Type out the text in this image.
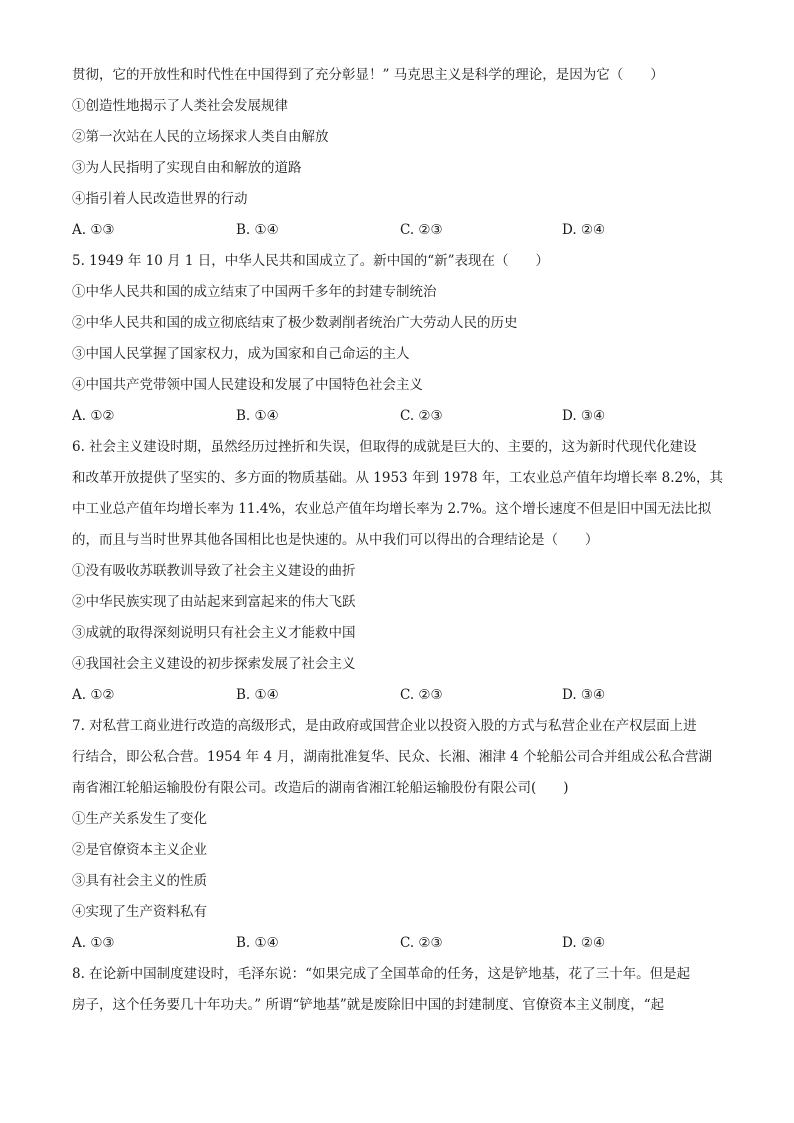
贯彻，它的开放性和时代性在中国得到了充分彰显！” 马克思主义是科学的理论，是因为它（　　）
①创造性地揭示了人类社会发展规律
②第一次站在人民的立场探求人类自由解放
③为人民指明了实现自由和解放的道路
④指引着人民改造世界的行动
A. ①③	B. ①④	C. ②③	D. ②④
5. 1949 年 10 月 1 日，中华人民共和国成立了。新中国的“新”表现在（　　）
①中华人民共和国的成立结束了中国两千多年的封建专制统治
②中华人民共和国的成立彻底结束了极少数剥削者统治广大劳动人民的历史
③中国人民掌握了国家权力，成为国家和自己命运的主人
④中国共产党带领中国人民建设和发展了中国特色社会主义
A. ①②	B. ①④	C. ②③	D. ③④
6. 社会主义建设时期，虽然经历过挫折和失误，但取得的成就是巨大的、主要的，这为新时代现代化建设
和改革开放提供了坚实的、多方面的物质基础。从 1953 年到 1978 年，工农业总产值年均增长率 8.2%，其
中工业总产值年均增长率为 11.4%，农业总产值年均增长率为 2.7%。这个增长速度不但是旧中国无法比拟
的，而且与当时世界其他各国相比也是快速的。从中我们可以得出的合理结论是（　　）
①没有吸收苏联教训导致了社会主义建设的曲折
②中华民族实现了由站起来到富起来的伟大飞跃
③成就的取得深刻说明只有社会主义才能救中国
④我国社会主义建设的初步探索发展了社会主义
A. ①②	B. ①④	C. ②③	D. ③④
7. 对私营工商业进行改造的高级形式，是由政府或国营企业以投资入股的方式与私营企业在产权层面上进
行结合，即公私合营。1954 年 4 月，湖南批准复华、民众、长湘、湘津 4 个轮船公司合并组成公私合营湖
南省湘江轮船运输股份有限公司。改造后的湖南省湘江轮船运输股份有限公司(　　)
①生产关系发生了变化
②是官僚资本主义企业
③具有社会主义的性质
④实现了生产资料私有
A. ①③	B. ①④	C. ②③	D. ②④
8. 在论新中国制度建设时，毛泽东说：“如果完成了全国革命的任务，这是铲地基，花了三十年。但是起
房子，这个任务要几十年功夫。” 所谓“铲地基”就是废除旧中国的封建制度、官僚资本主义制度，“起
